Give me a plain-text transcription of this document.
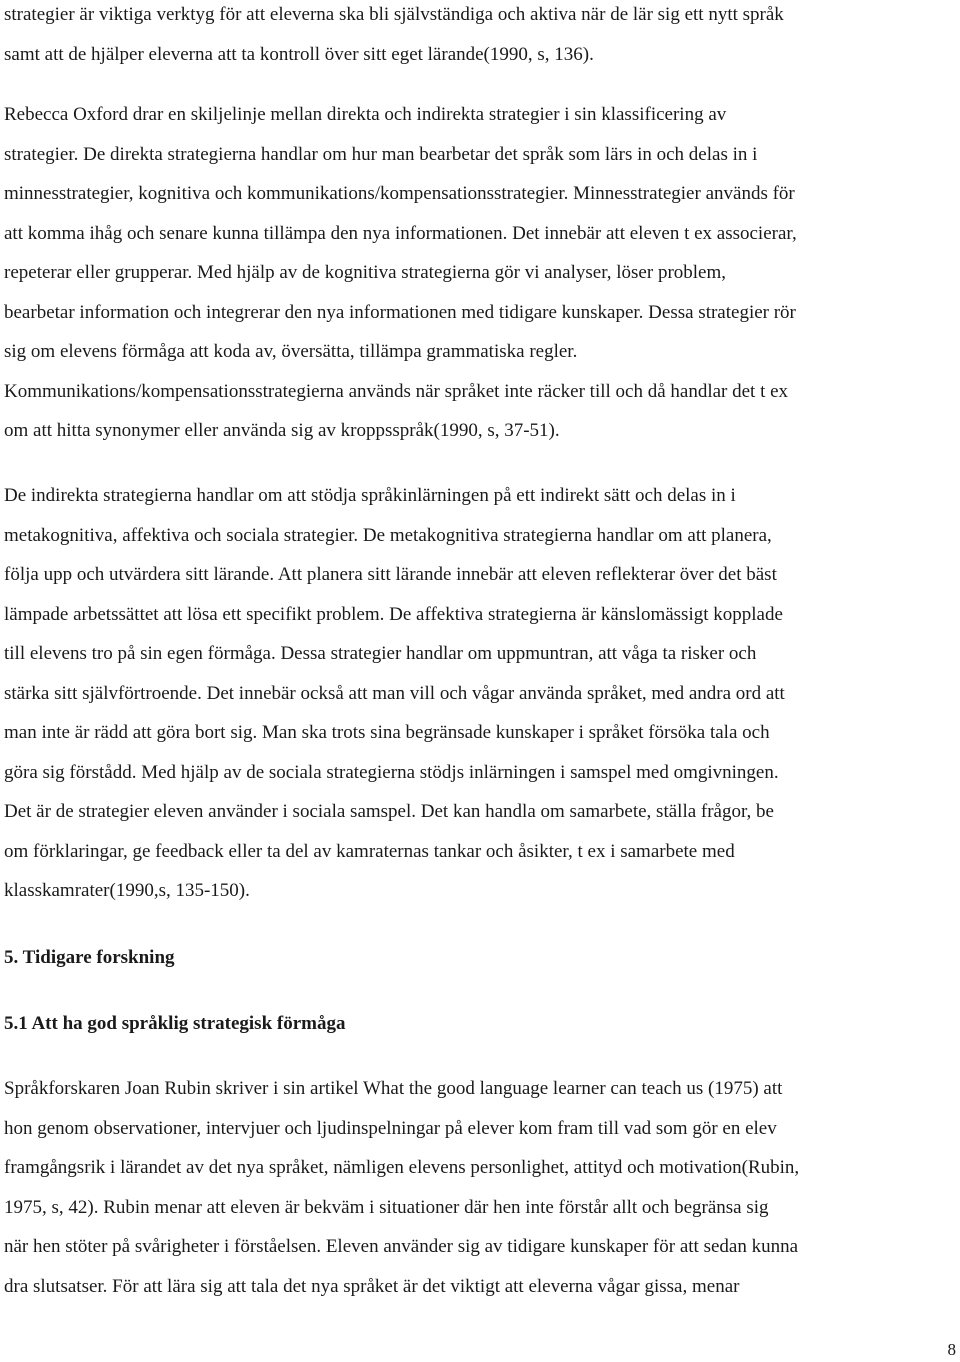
strategier är viktiga verktyg för att eleverna ska bli självständiga och aktiva när de lär sig ett nytt språk
samt att de hjälper eleverna att ta kontroll över sitt eget lärande(1990, s, 136).

Rebecca Oxford drar en skiljelinje mellan direkta och indirekta strategier i sin klassificering av
strategier. De direkta strategierna handlar om hur man bearbetar det språk som lärs in och delas in i
minnesstrategier, kognitiva och kommunikations/kompensationsstrategier. Minnesstrategier används för
att komma ihåg och senare kunna tillämpa den nya informationen. Det innebär att eleven t ex associerar,
repeterar eller grupperar. Med hjälp av de kognitiva strategierna gör vi analyser, löser problem,
bearbetar information och integrerar den nya informationen med tidigare kunskaper. Dessa strategier rör
sig om elevens förmåga att koda av, översätta, tillämpa grammatiska regler.
Kommunikations/kompensationsstrategierna används när språket inte räcker till och då handlar det t ex
om att hitta synonymer eller använda sig av kroppsspråk(1990, s, 37-51).

De indirekta strategierna handlar om att stödja språkinlärningen på ett indirekt sätt och delas in i
metakognitiva, affektiva och sociala strategier. De metakognitiva strategierna handlar om att planera,
följa upp och utvärdera sitt lärande. Att planera sitt lärande innebär att eleven reflekterar över det bäst
lämpade arbetssättet att lösa ett specifikt problem. De affektiva strategierna är känslomässigt kopplade
till elevens tro på sin egen förmåga. Dessa strategier handlar om uppmuntran, att våga ta risker och
stärka sitt självförtroende. Det innebär också att man vill och vågar använda språket, med andra ord att
man inte är rädd att göra bort sig. Man ska trots sina begränsade kunskaper i språket försöka tala och
göra sig förstådd. Med hjälp av de sociala strategierna stödjs inlärningen i samspel med omgivningen.
Det är de strategier eleven använder i sociala samspel. Det kan handla om samarbete, ställa frågor, be
om förklaringar, ge feedback eller ta del av kamraternas tankar och åsikter, t ex i samarbete med
klasskamrater(1990,s, 135-150).

5. Tidigare forskning
5.1 Att ha god språklig strategisk förmåga

Språkforskaren Joan Rubin skriver i sin artikel What the good language learner can teach us (1975) att
hon genom observationer, intervjuer och ljudinspelningar på elever kom fram till vad som gör en elev
framgångsrik i lärandet av det nya språket, nämligen elevens personlighet, attityd och motivation(Rubin,
1975, s, 42). Rubin menar att eleven är bekväm i situationer där hen inte förstår allt och begränsa sig
när hen stöter på svårigheter i förståelsen. Eleven använder sig av tidigare kunskaper för att sedan kunna
dra slutsatser. För att lära sig att tala det nya språket är det viktigt att eleverna vågar gissa, menar

8
